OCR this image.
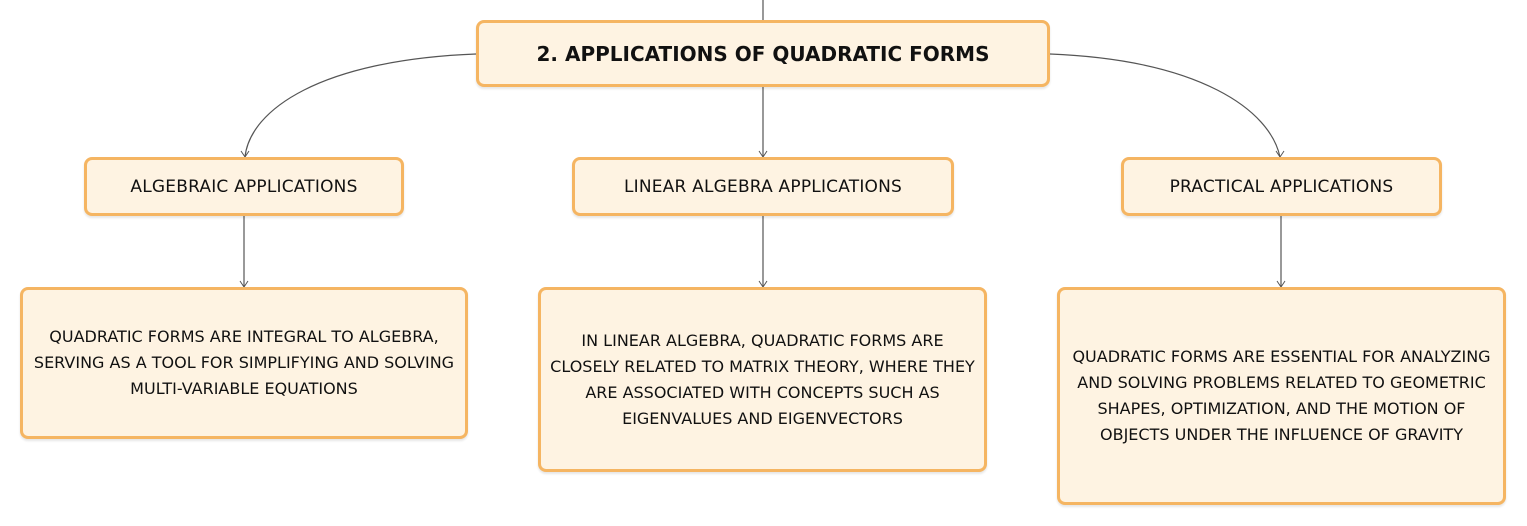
2. APPLICATIONS OF QUADRATIC FORMS
ALGEBRAIC APPLICATIONS	LINEAR ALGEBRA APPLICATIONS	PRACTICAL APPLICATIONS
QUADRATIC FORMS ARE INTEGRAL TO ALGEBRA,
SERVING AS A TOOL FOR SIMPLIFYING AND SOLVING
MULTI-VARIABLE EQUATIONS
IN LINEAR ALGEBRA, QUADRATIC FORMS ARE
CLOSELY RELATED TO MATRIX THEORY, WHERE THEY
ARE ASSOCIATED WITH CONCEPTS SUCH AS
EIGENVALUES AND EIGENVECTORS
QUADRATIC FORMS ARE ESSENTIAL FOR ANALYZING
AND SOLVING PROBLEMS RELATED TO GEOMETRIC
SHAPES, OPTIMIZATION, AND THE MOTION OF
OBJECTS UNDER THE INFLUENCE OF GRAVITY
